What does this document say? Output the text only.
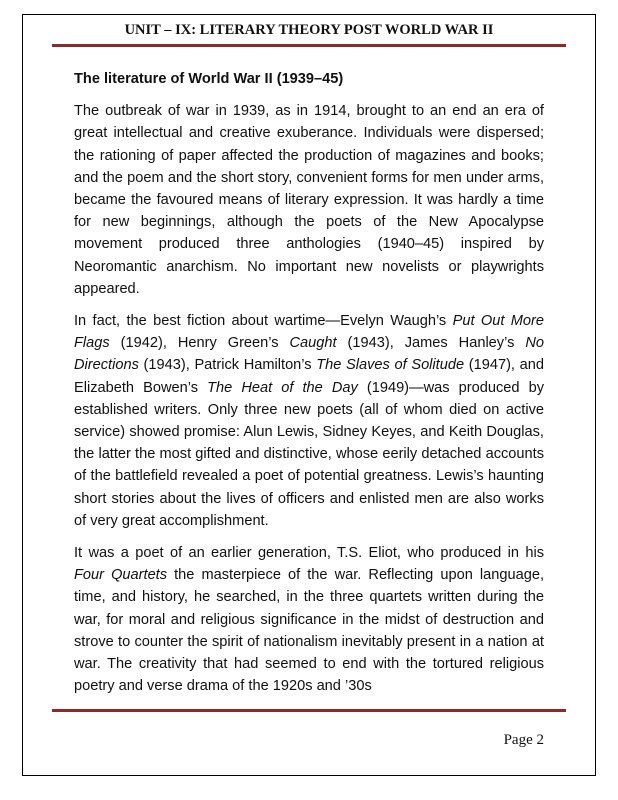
UNIT – IX: LITERARY THEORY POST WORLD WAR II

The literature of World War II (1939–45)

The outbreak of war in 1939, as in 1914, brought to an end an era of great intellectual and creative exuberance. Individuals were dispersed; the rationing of paper affected the production of magazines and books; and the poem and the short story, convenient forms for men under arms, became the favoured means of literary expression. It was hardly a time for new beginnings, although the poets of the New Apocalypse movement produced three anthologies (1940–45) inspired by Neoromantic anarchism. No important new novelists or playwrights appeared.

In fact, the best fiction about wartime—Evelyn Waugh’s Put Out More Flags (1942), Henry Green’s Caught (1943), James Hanley’s No Directions (1943), Patrick Hamilton’s The Slaves of Solitude (1947), and Elizabeth Bowen’s The Heat of the Day (1949)—was produced by established writers. Only three new poets (all of whom died on active service) showed promise: Alun Lewis, Sidney Keyes, and Keith Douglas, the latter the most gifted and distinctive, whose eerily detached accounts of the battlefield revealed a poet of potential greatness. Lewis’s haunting short stories about the lives of officers and enlisted men are also works of very great accomplishment.

It was a poet of an earlier generation, T.S. Eliot, who produced in his Four Quartets the masterpiece of the war. Reflecting upon language, time, and history, he searched, in the three quartets written during the war, for moral and religious significance in the midst of destruction and strove to counter the spirit of nationalism inevitably present in a nation at war. The creativity that had seemed to end with the tortured religious poetry and verse drama of the 1920s and ’30s

Page 2
